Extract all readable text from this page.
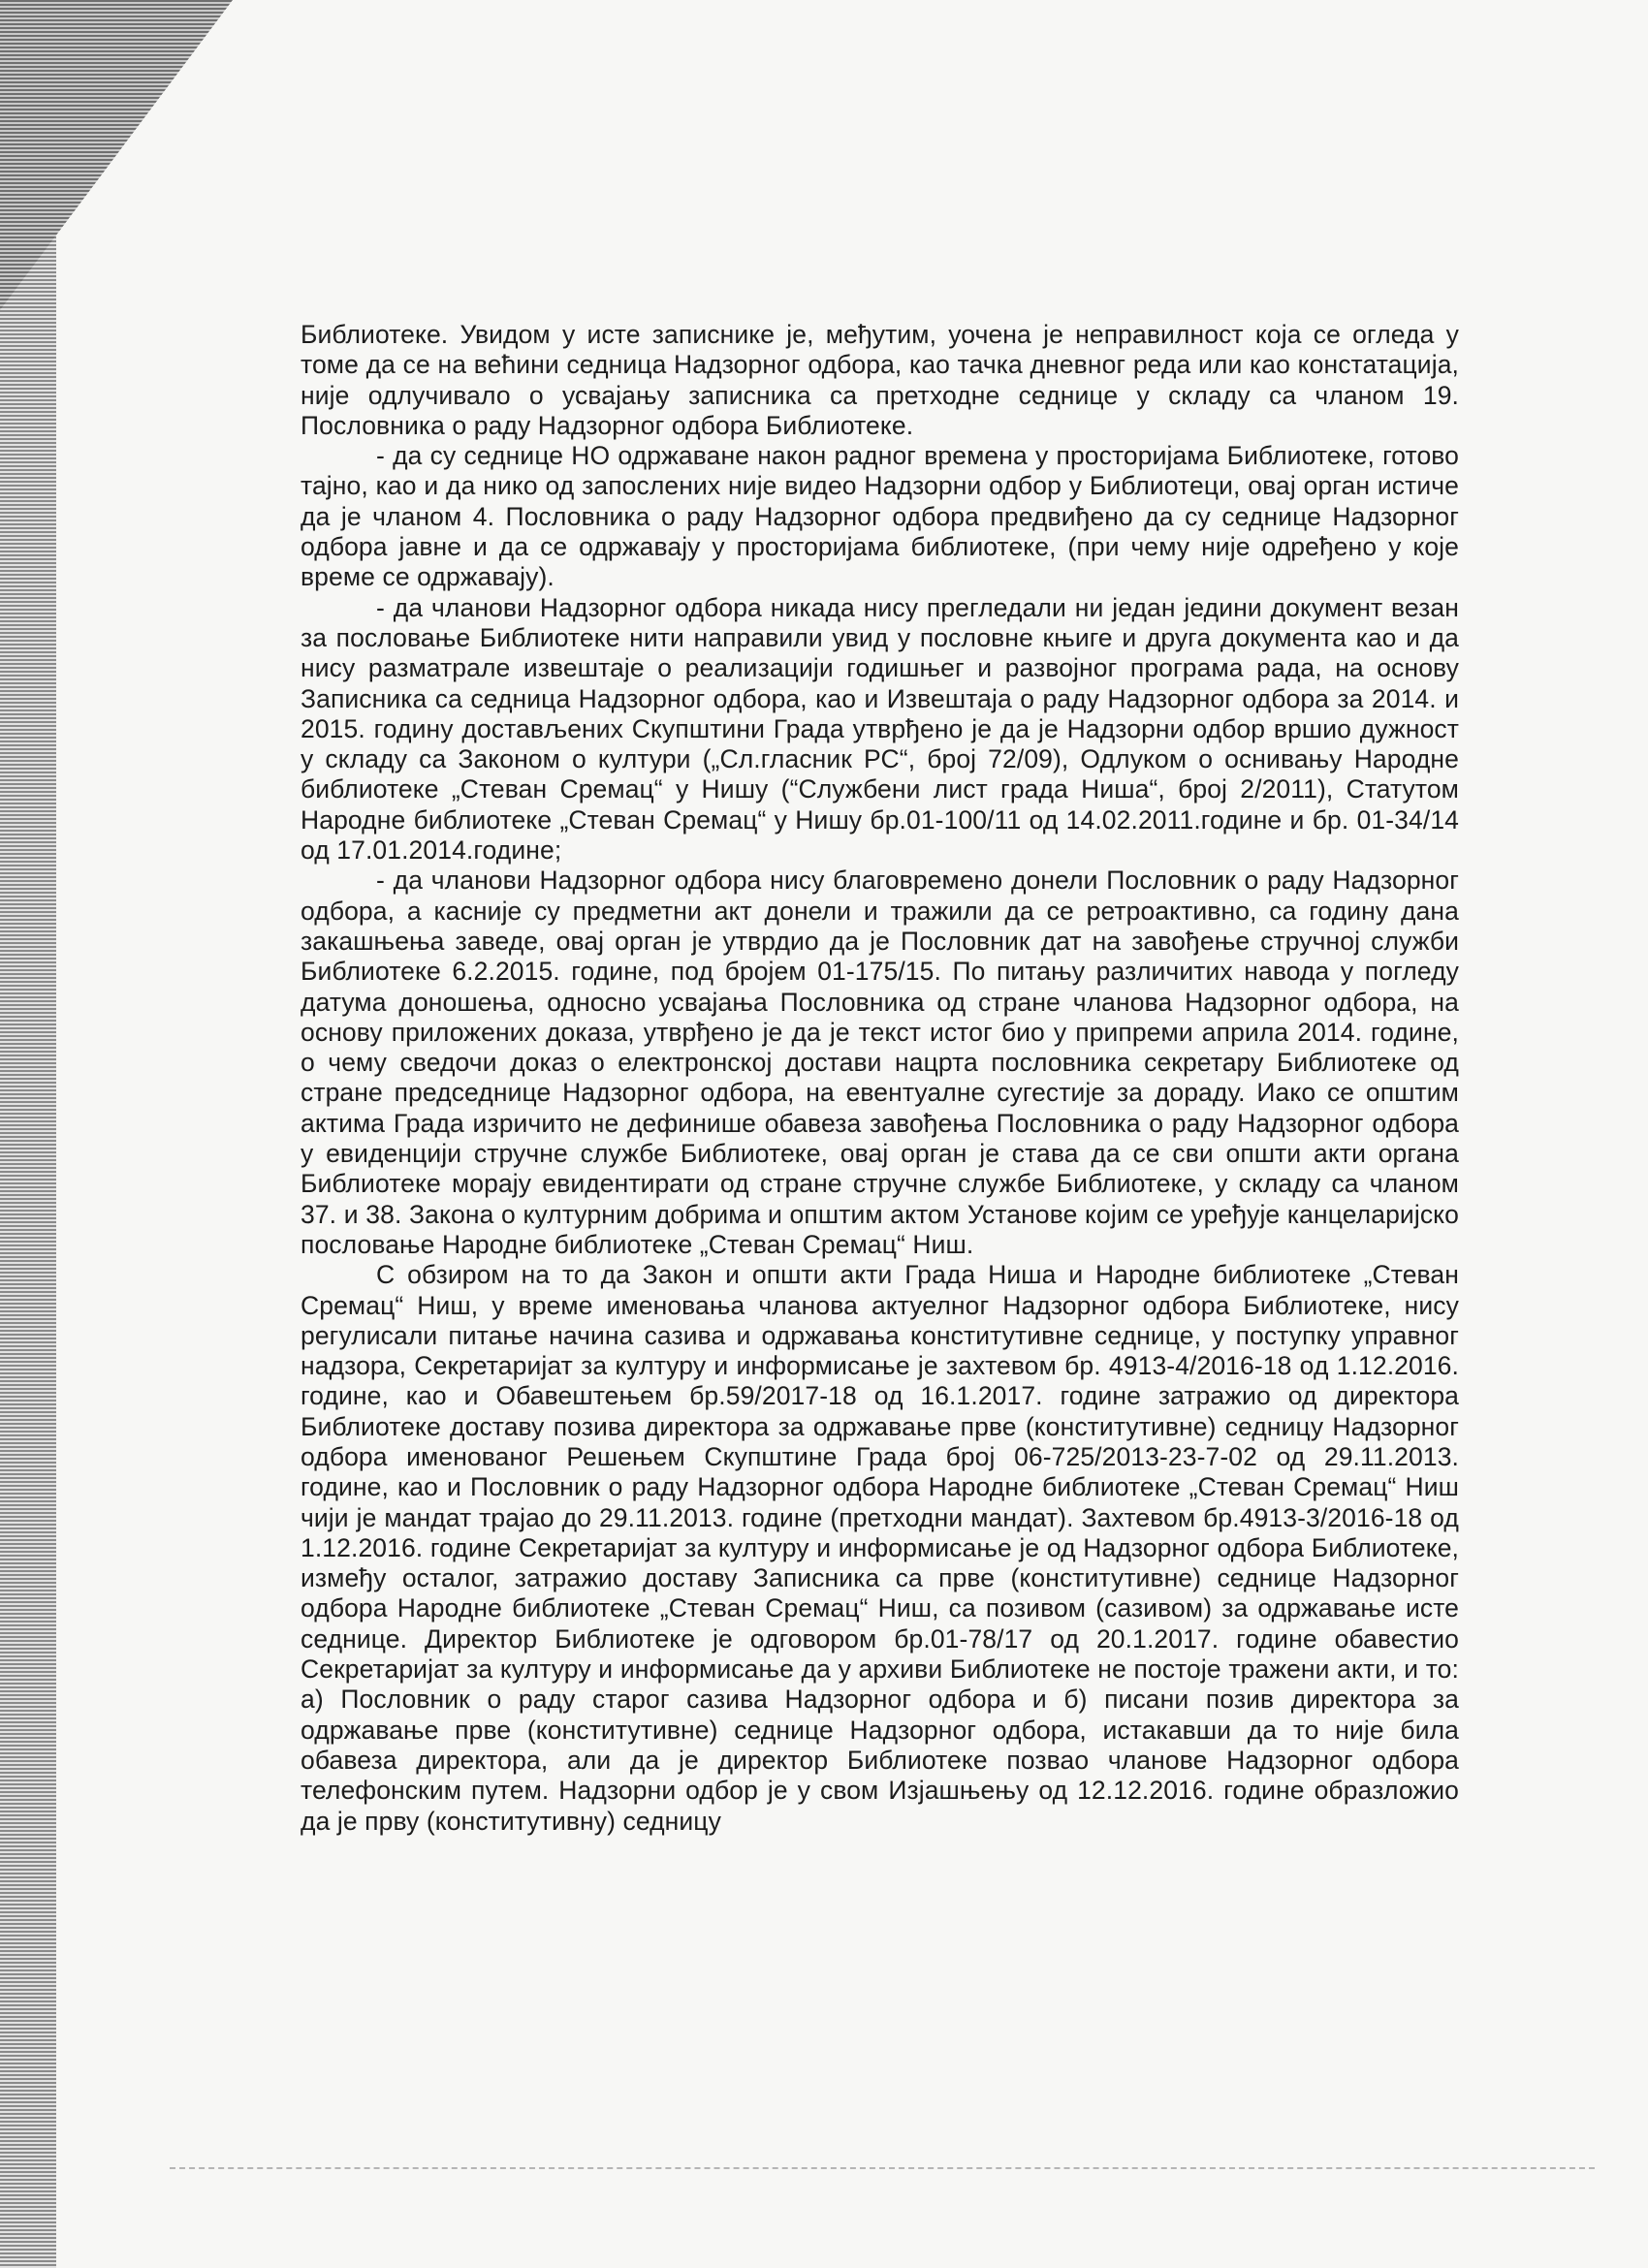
Библиотеке. Увидом у исте записнике је, међутим, уочена је неправилност која се огледа у томе да се на већини седница Надзорног одбора, као тачка дневног реда или као констатација, није одлучивало о усвајању записника са претходне седнице у складу са чланом 19. Пословника о раду Надзорног одбора Библиотеке.

- да су седнице НО одржаване након радног времена у просторијама Библиотеке, готово тајно, као и да нико од запослених није видео Надзорни одбор у Библиотеци, овај орган истиче да је чланом 4. Пословника о раду Надзорног одбора предвиђено да су седнице Надзорног одбора јавне и да се одржавају у просторијама библиотеке, (при чему није одређено у које време се одржавају).

- да чланови Надзорног одбора никада нису прегледали ни један једини документ везан за пословање Библиотеке нити направили увид у пословне књиге и друга документа као и да нису разматрале извештаје о реализацији годишњег и развојног програма рада, на основу Записника са седница Надзорног одбора, као и Извештаја о раду Надзорног одбора за 2014. и 2015. годину достављених Скупштини Града утврђено је да је Надзорни одбор вршио дужност у складу са Законом о култури („Сл.гласник РС“, број 72/09), Одлуком о оснивању Народне библиотеке „Стеван Сремац“ у Нишу (“Службени лист града Ниша“, број 2/2011), Статутом Народне библиотеке „Стеван Сремац“ у Нишу бр.01-100/11 од 14.02.2011.године и бр. 01-34/14 од 17.01.2014.године;

- да чланови Надзорног одбора нису благовремено донели Пословник о раду Надзорног одбора, а касније су предметни акт донели и тражили да се ретроактивно, са годину дана закашњења заведе, овај орган је утврдио да је Пословник дат на завођење стручној служби Библиотеке 6.2.2015. године, под бројем 01-175/15. По питању различитих навода у погледу датума доношења, односно усвајања Пословника од стране чланова Надзорног одбора, на основу приложених доказа, утврђено је да је текст истог био у припреми априла 2014. године, о чему сведочи доказ о електронској достави нацрта пословника секретару Библиотеке од стране председнице Надзорног одбора, на евентуалне сугестије за дораду. Иако се општим актима Града изричито не дефинише обавеза завођења Пословника о раду Надзорног одбора у евиденцији стручне службе Библиотеке, овај орган је става да се сви општи акти органа Библиотеке морају евидентирати од стране стручне службе Библиотеке, у складу са чланом 37. и 38. Закона о културним добрима и општим актом Установе којим се уређује канцеларијско пословање Народне библиотеке „Стеван Сремац“ Ниш.

С обзиром на то да Закон и општи акти Града Ниша и Народне библиотеке „Стеван Сремац“ Ниш, у време именовања чланова актуелног Надзорног одбора Библиотеке, нису регулисали питање начина сазива и одржавања конститутивне седнице, у поступку управног надзора, Секретаријат за културу и информисање је захтевом бр. 4913-4/2016-18 од 1.12.2016. године, као и Обавештењем бр.59/2017-18 од 16.1.2017. године затражио од директора Библиотеке доставу позива директора за одржавање прве (конститутивне) седницу Надзорног одбора именованог Решењем Скупштине Града број 06-725/2013-23-7-02 од 29.11.2013. године, као и Пословник о раду Надзорног одбора Народне библиотеке „Стеван Сремац“ Ниш чији је мандат трајао до 29.11.2013. године (претходни мандат). Захтевом бр.4913-3/2016-18 од 1.12.2016. године Секретаријат за културу и информисање је од Надзорног одбора Библиотеке, између осталог, затражио доставу Записника са прве (конститутивне) седнице Надзорног одбора Народне библиотеке „Стеван Сремац“ Ниш, са позивом (сазивом) за одржавање исте седнице. Директор Библиотеке је одговором бр.01-78/17 од 20.1.2017. године обавестио Секретаријат за културу и информисање да у архиви Библиотеке не постоје тражени акти, и то: а) Пословник о раду старог сазива Надзорног одбора и б) писани позив директора за одржавање прве (конститутивне) седнице Надзорног одбора, истакавши да то није била обавеза директора, али да је директор Библиотеке позвао чланове Надзорног одбора телефонским путем. Надзорни одбор је у свом Изјашњењу од 12.12.2016. године образложио да је прву (конститутивну) седницу
